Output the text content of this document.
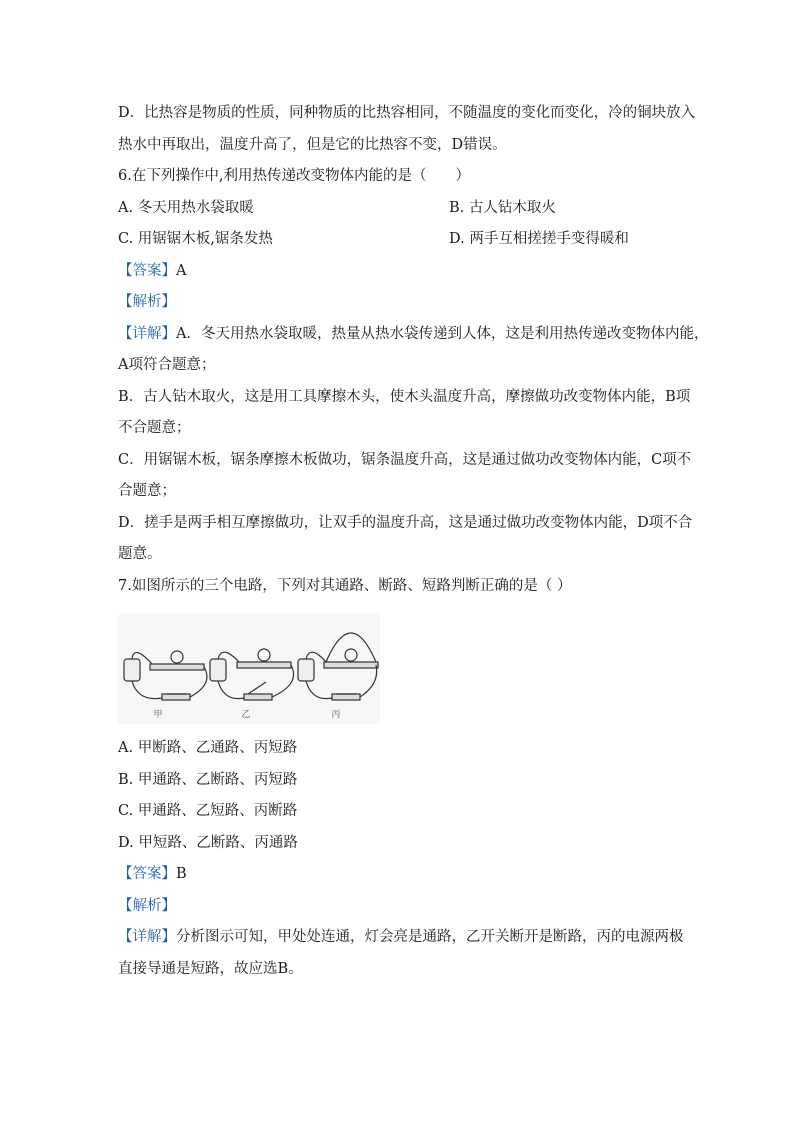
D．比热容是物质的性质，同种物质的比热容相同，不随温度的变化而变化，冷的铜块放入
热水中再取出，温度升高了，但是它的比热容不变，D错误。
6.在下列操作中,利用热传递改变物体内能的是（　　）
A. 冬天用热水袋取暖	B. 古人钻木取火
C. 用锯锯木板,锯条发热	D. 两手互相搓搓手变得暖和
【答案】A
【解析】
【详解】A．冬天用热水袋取暖，热量从热水袋传递到人体，这是利用热传递改变物体内能，
A项符合题意；
B．古人钻木取火，这是用工具摩擦木头，使木头温度升高，摩擦做功改变物体内能，B项
不合题意；
C．用锯锯木板，锯条摩擦木板做功，锯条温度升高，这是通过做功改变物体内能，C项不
合题意；
D．搓手是两手相互摩擦做功，让双手的温度升高，这是通过做功改变物体内能，D项不合
题意。
7.如图所示的三个电路，下列对其通路、断路、短路判断正确的是（ ）
甲	乙	丙
A. 甲断路、乙通路、丙短路
B. 甲通路、乙断路、丙短路
C. 甲通路、乙短路、丙断路
D. 甲短路、乙断路、丙通路
【答案】B
【解析】
【详解】分析图示可知，甲处处连通，灯会亮是通路，乙开关断开是断路，丙的电源两极
直接导通是短路，故应选B。
